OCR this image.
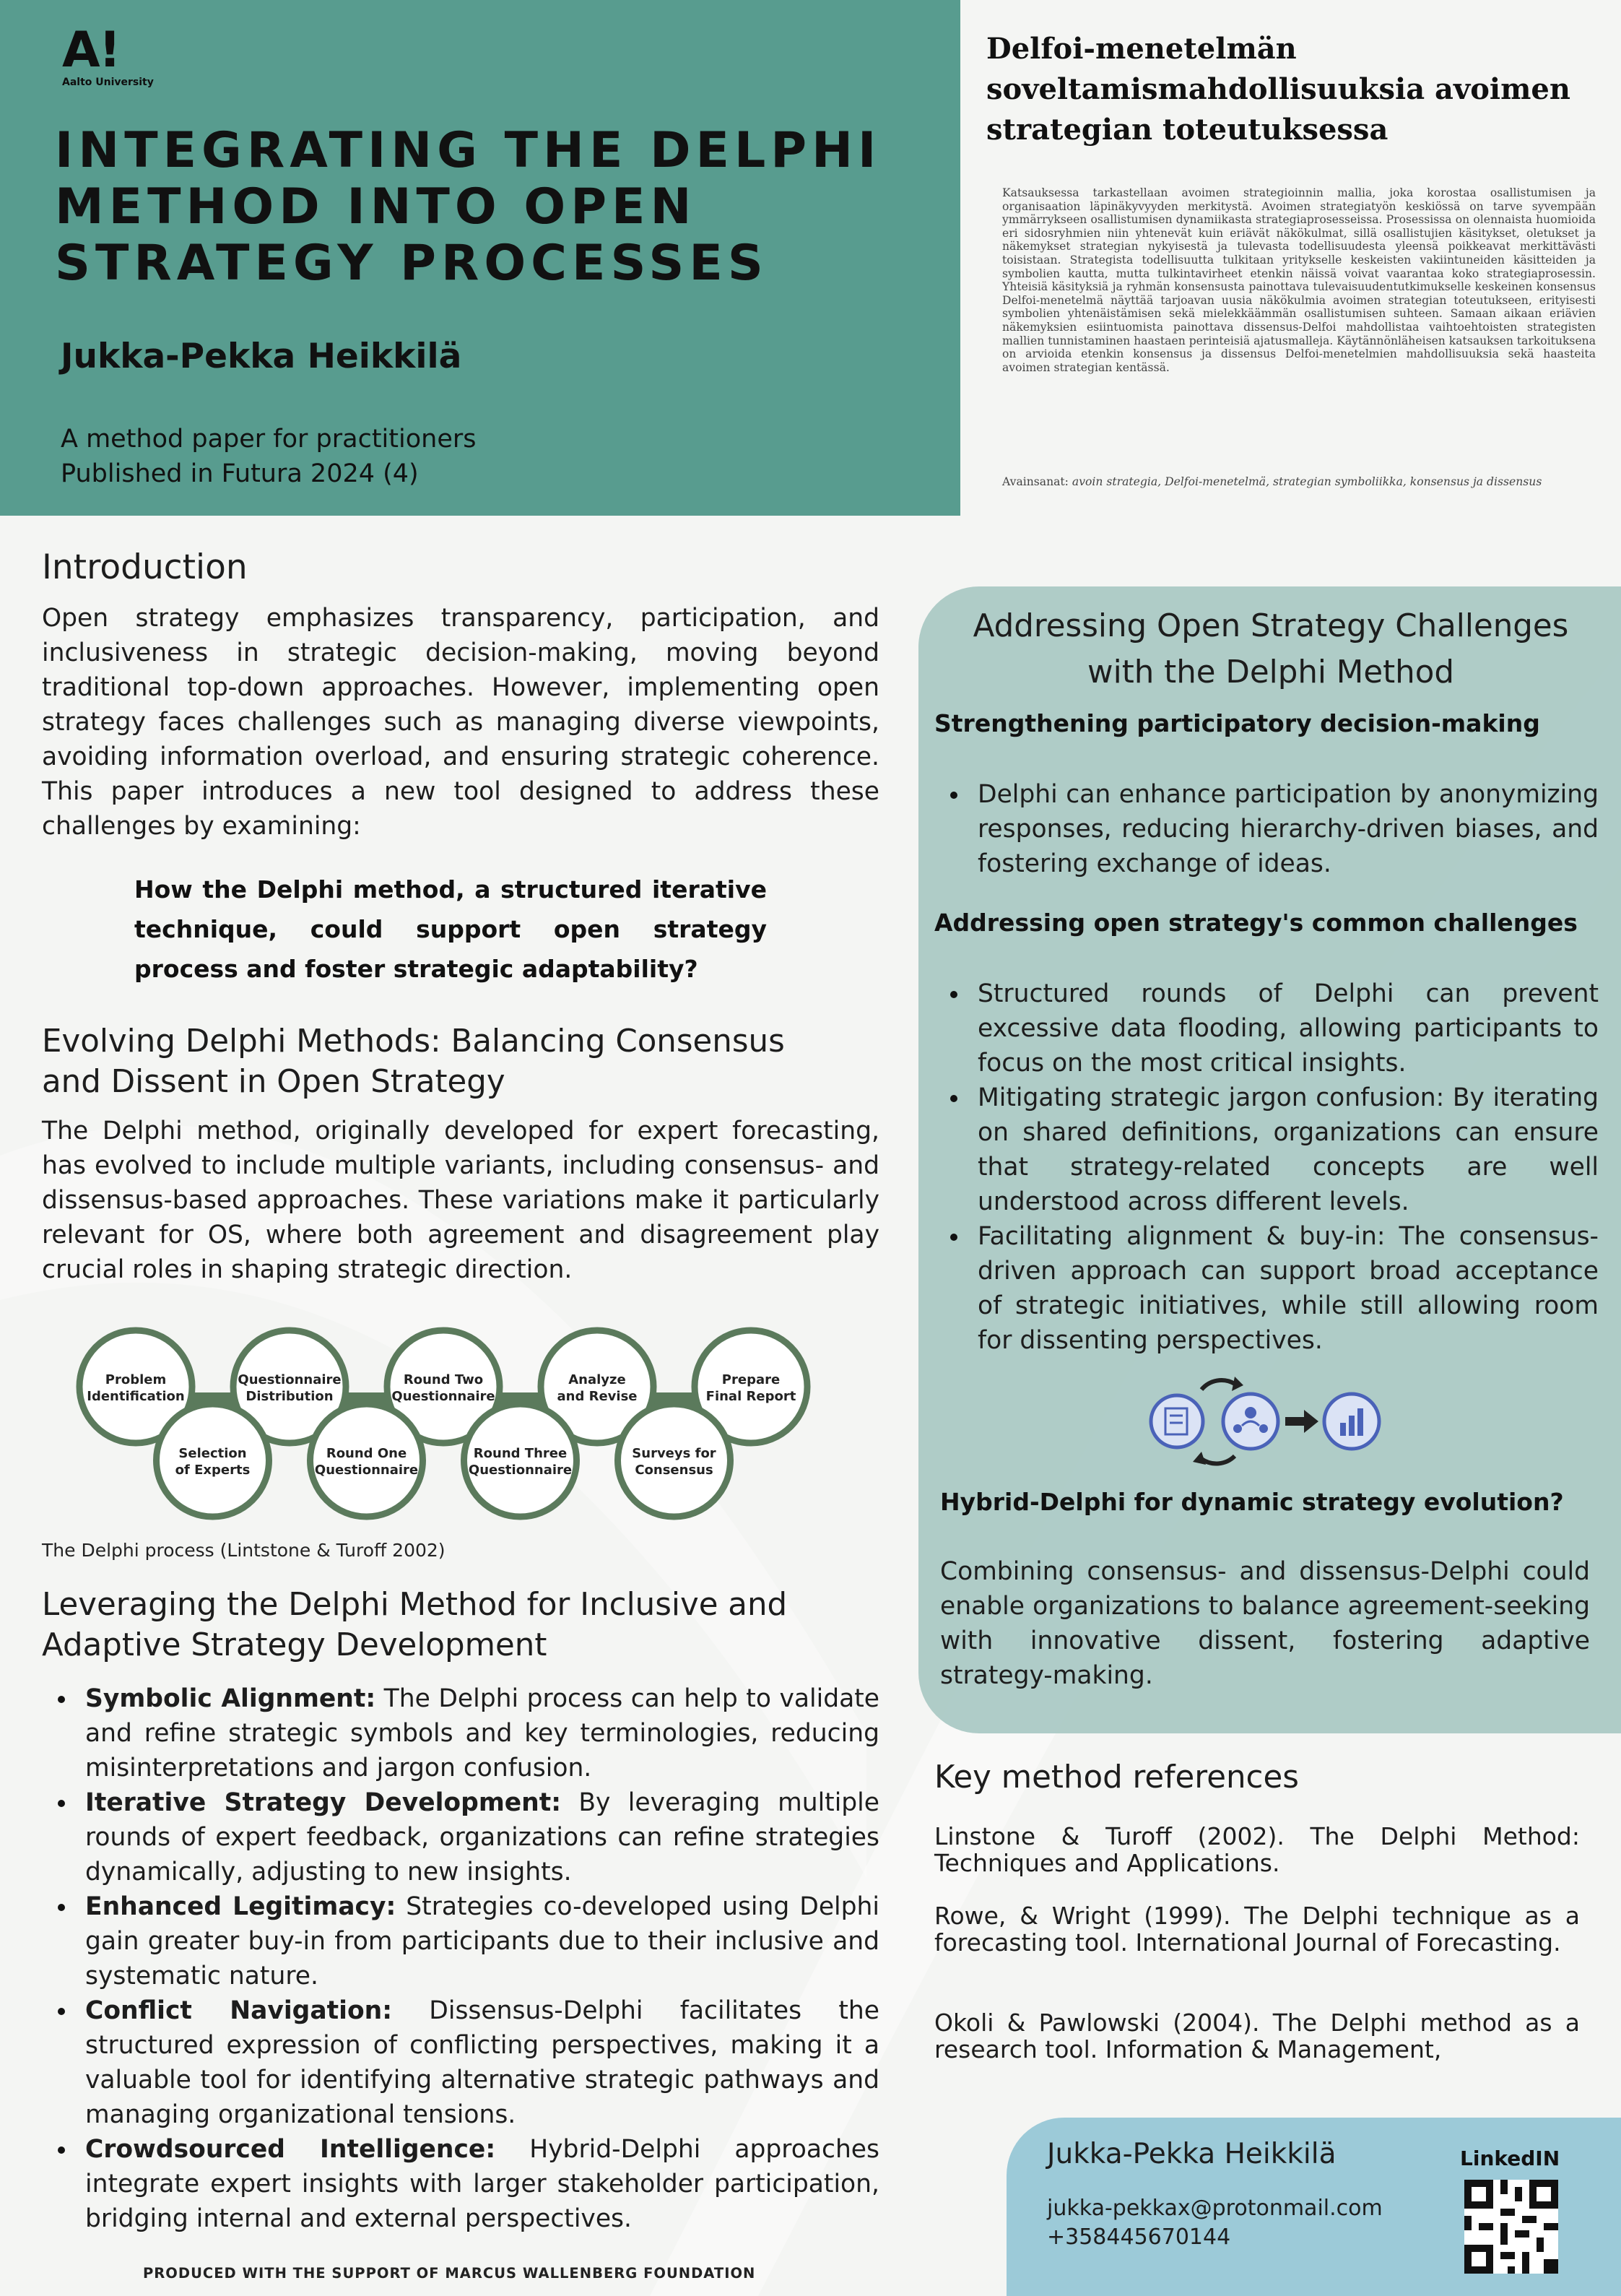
A!
Aalto University
INTEGRATING THE DELPHI
METHOD INTO OPEN
STRATEGY PROCESSES
Jukka-Pekka Heikkilä
A method paper for practitioners
Published in Futura 2024 (4)
Delfoi-menetelmän
soveltamismahdollisuuksia avoimen
strategian toteutuksessa
Katsauksessa tarkastellaan avoimen strategioinnin mallia, joka korostaa osallistumisen ja organisaation läpinäkyvyyden merkitystä. Avoimen strategiatyön keskiössä on tarve syvempään ymmärrykseen osallistumisen dynamiikasta strategiaprosesseissa. Prosessissa on olennaista huomioida eri sidosryhmien niin yhtenevät kuin eriävät näkökulmat, sillä osallistujien käsitykset, oletukset ja näkemykset strategian nykyisestä ja tulevasta todellisuudesta yleensä poikkeavat merkittävästi toisistaan. Strategista todellisuutta tulkitaan yritykselle keskeisten vakiintuneiden käsitteiden ja symbolien kautta, mutta tulkintavirheet etenkin näissä voivat vaarantaa koko strategiaprosessin. Yhteisiä käsityksiä ja ryhmän konsensusta painottava tulevaisuudentutkimukselle keskeinen konsensus Delfoi-menetelmä näyttää tarjoavan uusia näkökulmia avoimen strategian toteutukseen, erityisesti symbolien yhtenäistämisen sekä mielekkäämmän osallistumisen suhteen. Samaan aikaan eriävien näkemyksien esiintuomista painottava dissensus-Delfoi mahdollistaa vaihtoehtoisten strategisten mallien tunnistaminen haastaen perinteisiä ajatusmalleja. Käytännönläheisen katsauksen tarkoituksena on arvioida etenkin konsensus ja dissensus Delfoi-menetelmien mahdollisuuksia sekä haasteita avoimen strategian kentässä.
Avainsanat: avoin strategia, Delfoi-menetelmä, strategian symboliikka, konsensus ja dissensus
Introduction
Open strategy emphasizes transparency, participation, and inclusiveness in strategic decision-making, moving beyond traditional top-down approaches. However, implementing open strategy faces challenges such as managing diverse viewpoints, avoiding information overload, and ensuring strategic coherence. This paper introduces a new tool designed to address these challenges by examining:
How the Delphi method, a structured iterative technique, could support open strategy process and foster strategic adaptability?
Evolving Delphi Methods: Balancing Consensus
and Dissent in Open Strategy
The Delphi method, originally developed for expert forecasting, has evolved to include multiple variants, including consensus- and dissensus-based approaches. These variations make it particularly relevant for OS, where both agreement and disagreement play crucial roles in shaping strategic direction.
Problem
Identification
Questionnaire
Distribution
Round Two
Questionnaire
Analyze
and Revise
Prepare
Final Report
Selection
of Experts
Round One
Questionnaire
Round Three
Questionnaire
Surveys for
Consensus
The Delphi process (Lintstone & Turoff 2002)
Leveraging the Delphi Method for Inclusive and
Adaptive Strategy Development
Symbolic Alignment: The Delphi process can help to validate and refine strategic symbols and key terminologies, reducing misinterpretations and jargon confusion.
Iterative Strategy Development: By leveraging multiple rounds of expert feedback, organizations can refine strategies dynamically, adjusting to new insights.
Enhanced Legitimacy: Strategies co-developed using Delphi gain greater buy-in from participants due to their inclusive and systematic nature.
Conflict Navigation: Dissensus-Delphi facilitates the structured expression of conflicting perspectives, making it a valuable tool for identifying alternative strategic pathways and managing organizational tensions.
Crowdsourced Intelligence: Hybrid-Delphi approaches integrate expert insights with larger stakeholder participation, bridging internal and external perspectives.
Addressing Open Strategy Challenges
with the Delphi Method
Strengthening participatory decision-making
Delphi can enhance participation by anonymizing responses, reducing hierarchy-driven biases, and fostering exchange of ideas.
Addressing open strategy's common challenges
Structured rounds of Delphi can prevent excessive data flooding, allowing participants to focus on the most critical insights.
Mitigating strategic jargon confusion: By iterating on shared definitions, organizations can ensure that strategy-related concepts are well understood across different levels.
Facilitating alignment & buy-in: The consensus-driven approach can support broad acceptance of strategic initiatives, while still allowing room for dissenting perspectives.
Hybrid-Delphi for dynamic strategy evolution?
Combining consensus- and dissensus-Delphi could enable organizations to balance agreement-seeking with innovative dissent, fostering adaptive strategy-making.
Key method references
Linstone & Turoff (2002). The Delphi Method: Techniques and Applications.
Rowe, & Wright (1999). The Delphi technique as a forecasting tool. International Journal of Forecasting.
Okoli & Pawlowski (2004). The Delphi method as a research tool. Information & Management,
Jukka-Pekka Heikkilä
jukka-pekkax@protonmail.com
+358445670144
LinkedIN
PRODUCED WITH THE SUPPORT OF MARCUS WALLENBERG FOUNDATION
